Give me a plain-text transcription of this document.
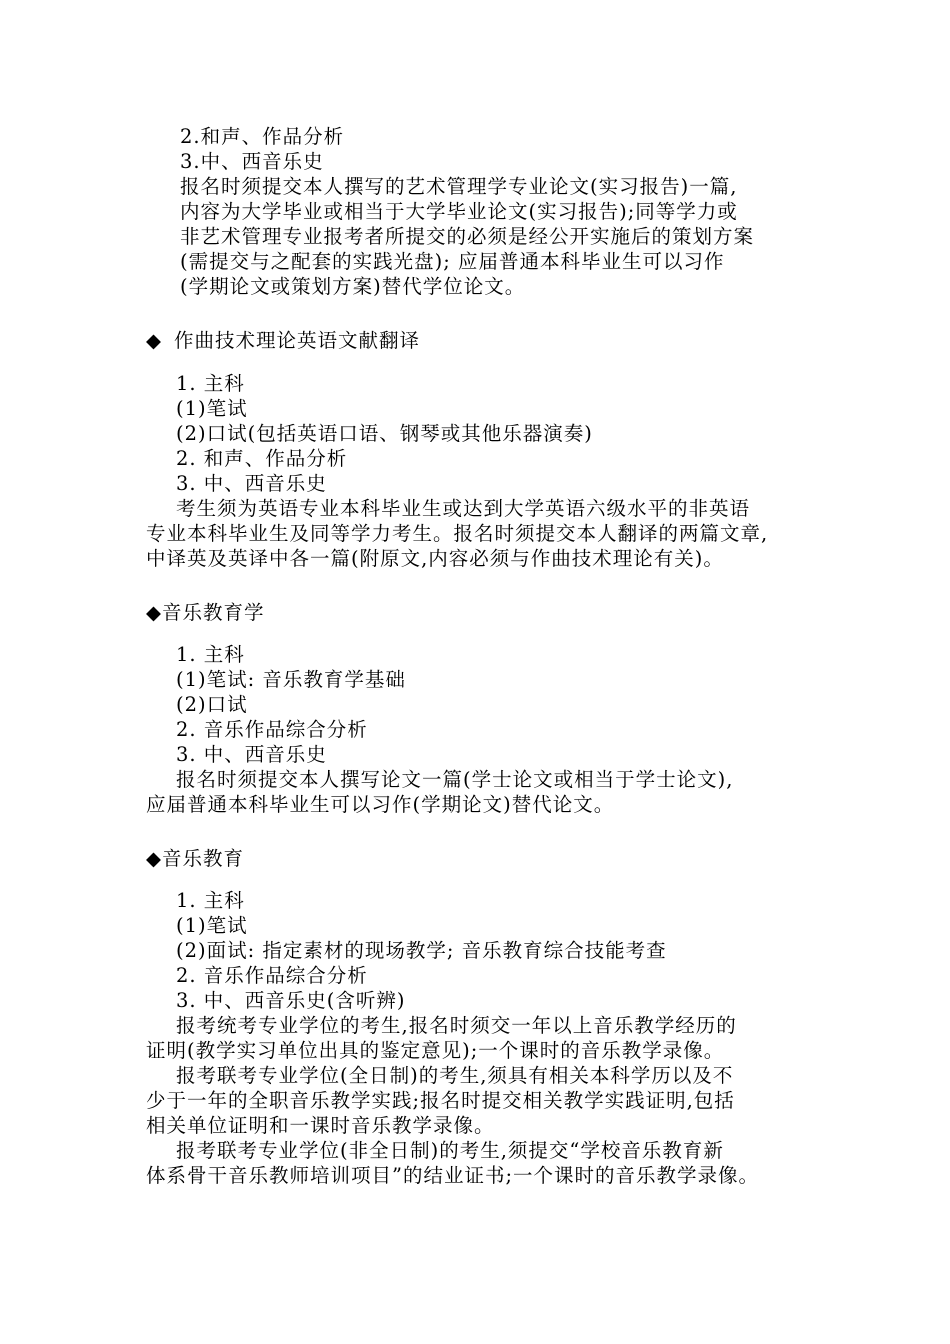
2.和声、作品分析
3.中、西音乐史
报名时须提交本人撰写的艺术管理学专业论文(实习报告)一篇,
内容为大学毕业或相当于大学毕业论文(实习报告);同等学力或
非艺术管理专业报考者所提交的必须是经公开实施后的策划方案
(需提交与之配套的实践光盘); 应届普通本科毕业生可以习作
(学期论文或策划方案)替代学位论文。
◆ 作曲技术理论英语文献翻译
1. 主科
(1)笔试
(2)口试(包括英语口语、钢琴或其他乐器演奏)
2. 和声、作品分析
3. 中、西音乐史
考生须为英语专业本科毕业生或达到大学英语六级水平的非英语
专业本科毕业生及同等学力考生。报名时须提交本人翻译的两篇文章,
中译英及英译中各一篇(附原文,内容必须与作曲技术理论有关)。
◆音乐教育学
1. 主科
(1)笔试: 音乐教育学基础
(2)口试
2. 音乐作品综合分析
3. 中、西音乐史
报名时须提交本人撰写论文一篇(学士论文或相当于学士论文),
应届普通本科毕业生可以习作(学期论文)替代论文。
◆音乐教育
1. 主科
(1)笔试
(2)面试: 指定素材的现场教学; 音乐教育综合技能考查
2. 音乐作品综合分析
3. 中、西音乐史(含听辨)
报考统考专业学位的考生,报名时须交一年以上音乐教学经历的
证明(教学实习单位出具的鉴定意见);一个课时的音乐教学录像。
报考联考专业学位(全日制)的考生,须具有相关本科学历以及不
少于一年的全职音乐教学实践;报名时提交相关教学实践证明,包括
相关单位证明和一课时音乐教学录像。
报考联考专业学位(非全日制)的考生,须提交“学校音乐教育新
体系骨干音乐教师培训项目”的结业证书;一个课时的音乐教学录像。
